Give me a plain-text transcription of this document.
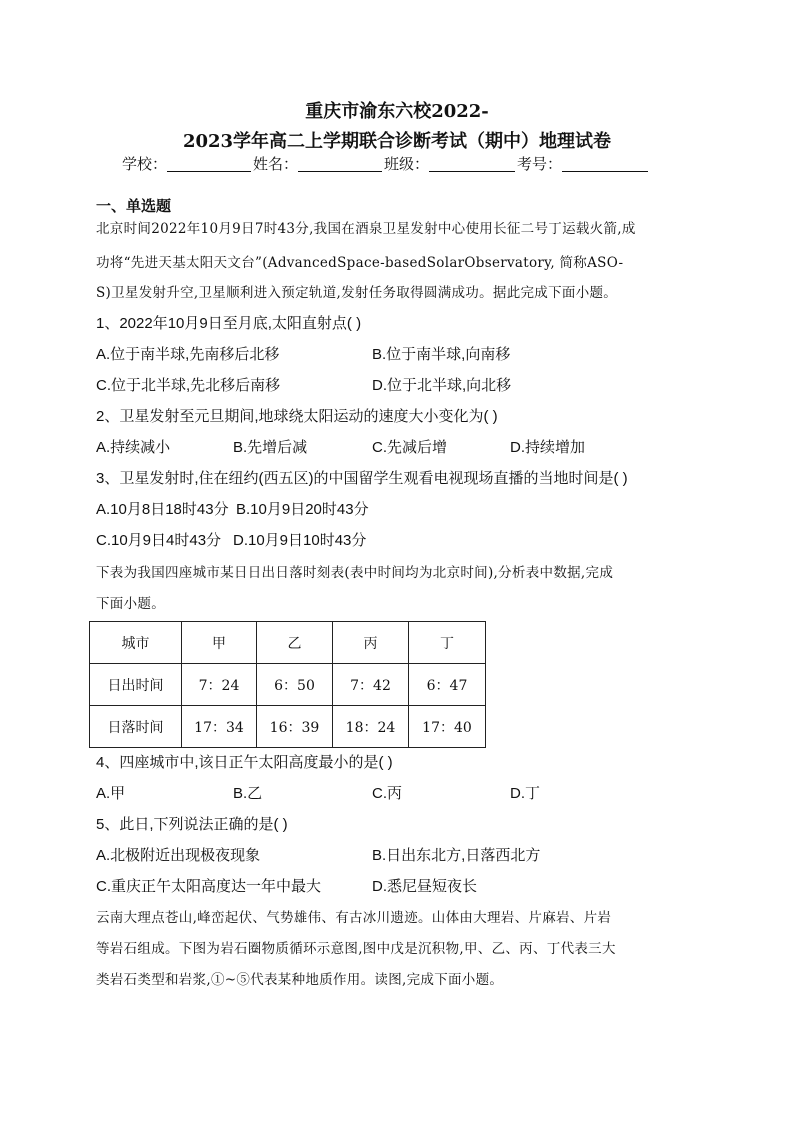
重庆市渝东六校2022-
2023学年高二上学期联合诊断考试（期中）地理试卷
学校：	姓名：	班级：	考号：
一、单选题
北京时间2022年10月9日7时43分,我国在酒泉卫星发射中心使用长征二号丁运载火箭,成
功将“先进天基太阳天文台”(AdvancedSpace-basedSolarObservatory, 简称ASO-
S)卫星发射升空,卫星顺利进入预定轨道,发射任务取得圆满成功。据此完成下面小题。
1、2022年10月9日至月底,太阳直射点( )
A.位于南半球,先南移后北移	B.位于南半球,向南移
C.位于北半球,先北移后南移	D.位于北半球,向北移
2、卫星发射至元旦期间,地球绕太阳运动的速度大小变化为( )
A.持续减小	B.先增后减	C.先减后增	D.持续增加
3、卫星发射时,住在纽约(西五区)的中国留学生观看电视现场直播的当地时间是( )
A.10月8日18时43分 B.10月9日20时43分
C.10月9日4时43分 D.10月9日10时43分
下表为我国四座城市某日日出日落时刻表(表中时间均为北京时间),分析表中数据,完成
下面小题。
城市	甲	乙	丙	丁
日出时间	7：24	6：50	7：42	6：47
日落时间	17：34	16：39	18：24	17：40
4、四座城市中,该日正午太阳高度最小的是( )
A.甲	B.乙	C.丙	D.丁
5、此日,下列说法正确的是( )
A.北极附近出现极夜现象	B.日出东北方,日落西北方
C.重庆正午太阳高度达一年中最大	D.悉尼昼短夜长
云南大理点苍山,峰峦起伏、气势雄伟、有古冰川遗迹。山体由大理岩、片麻岩、片岩
等岩石组成。下图为岩石圈物质循环示意图,图中戊是沉积物,甲、乙、丙、丁代表三大
类岩石类型和岩浆,①~⑤代表某种地质作用。读图,完成下面小题。
